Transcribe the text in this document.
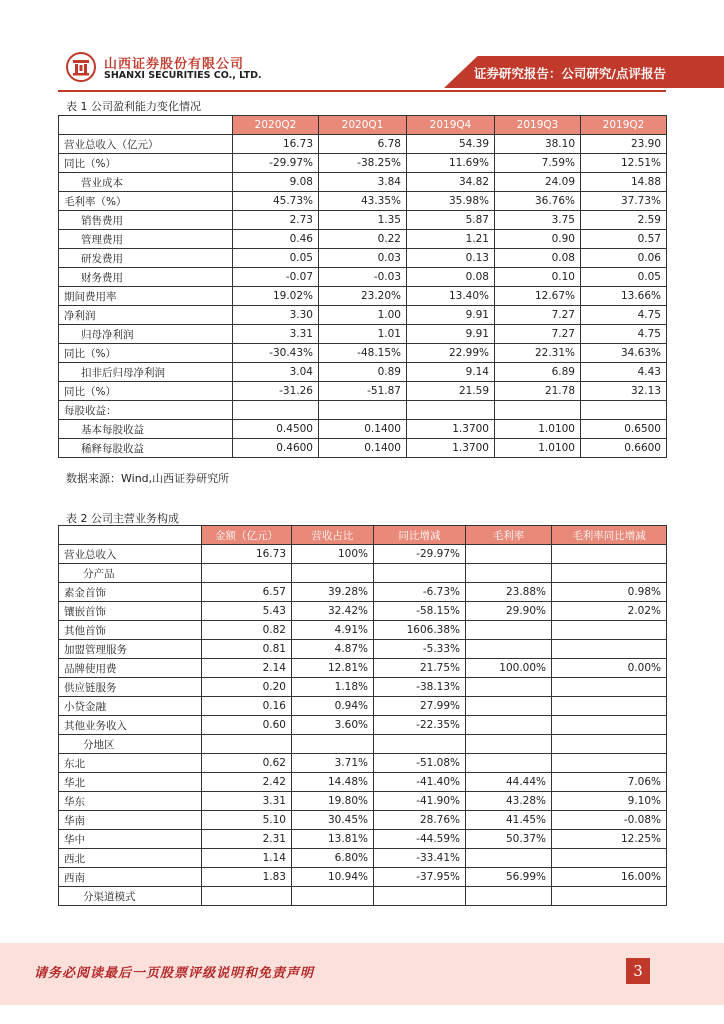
山西证券股份有限公司
SHANXI SECURITIES CO., LTD.	证券研究报告：公司研究/点评报告
表 1 公司盈利能力变化情况
	2020Q2	2020Q1	2019Q4	2019Q3	2019Q2
营业总收入（亿元）	16.73	6.78	54.39	38.10	23.90
同比（%）	-29.97%	-38.25%	11.69%	7.59%	12.51%
营业成本	9.08	3.84	34.82	24.09	14.88
毛利率（%）	45.73%	43.35%	35.98%	36.76%	37.73%
销售费用	2.73	1.35	5.87	3.75	2.59
管理费用	0.46	0.22	1.21	0.90	0.57
研发费用	0.05	0.03	0.13	0.08	0.06
财务费用	-0.07	-0.03	0.08	0.10	0.05
期间费用率	19.02%	23.20%	13.40%	12.67%	13.66%
净利润	3.30	1.00	9.91	7.27	4.75
归母净利润	3.31	1.01	9.91	7.27	4.75
同比（%）	-30.43%	-48.15%	22.99%	22.31%	34.63%
扣非后归母净利润	3.04	0.89	9.14	6.89	4.43
同比（%）	-31.26	-51.87	21.59	21.78	32.13
每股收益：					
基本每股收益	0.4500	0.1400	1.3700	1.0100	0.6500
稀释每股收益	0.4600	0.1400	1.3700	1.0100	0.6600
数据来源：Wind,山西证券研究所
表 2 公司主营业务构成
	金额（亿元）	营收占比	同比增减	毛利率	毛利率同比增减
营业总收入	16.73	100%	-29.97%		
分产品					
素金首饰	6.57	39.28%	-6.73%	23.88%	0.98%
镶嵌首饰	5.43	32.42%	-58.15%	29.90%	2.02%
其他首饰	0.82	4.91%	1606.38%		
加盟管理服务	0.81	4.87%	-5.33%		
品牌使用费	2.14	12.81%	21.75%	100.00%	0.00%
供应链服务	0.20	1.18%	-38.13%		
小贷金融	0.16	0.94%	27.99%		
其他业务收入	0.60	3.60%	-22.35%		
分地区					
东北	0.62	3.71%	-51.08%		
华北	2.42	14.48%	-41.40%	44.44%	7.06%
华东	3.31	19.80%	-41.90%	43.28%	9.10%
华南	5.10	30.45%	28.76%	41.45%	-0.08%
华中	2.31	13.81%	-44.59%	50.37%	12.25%
西北	1.14	6.80%	-33.41%		
西南	1.83	10.94%	-37.95%	56.99%	16.00%
分渠道模式					
请务必阅读最后一页股票评级说明和免责声明	3
